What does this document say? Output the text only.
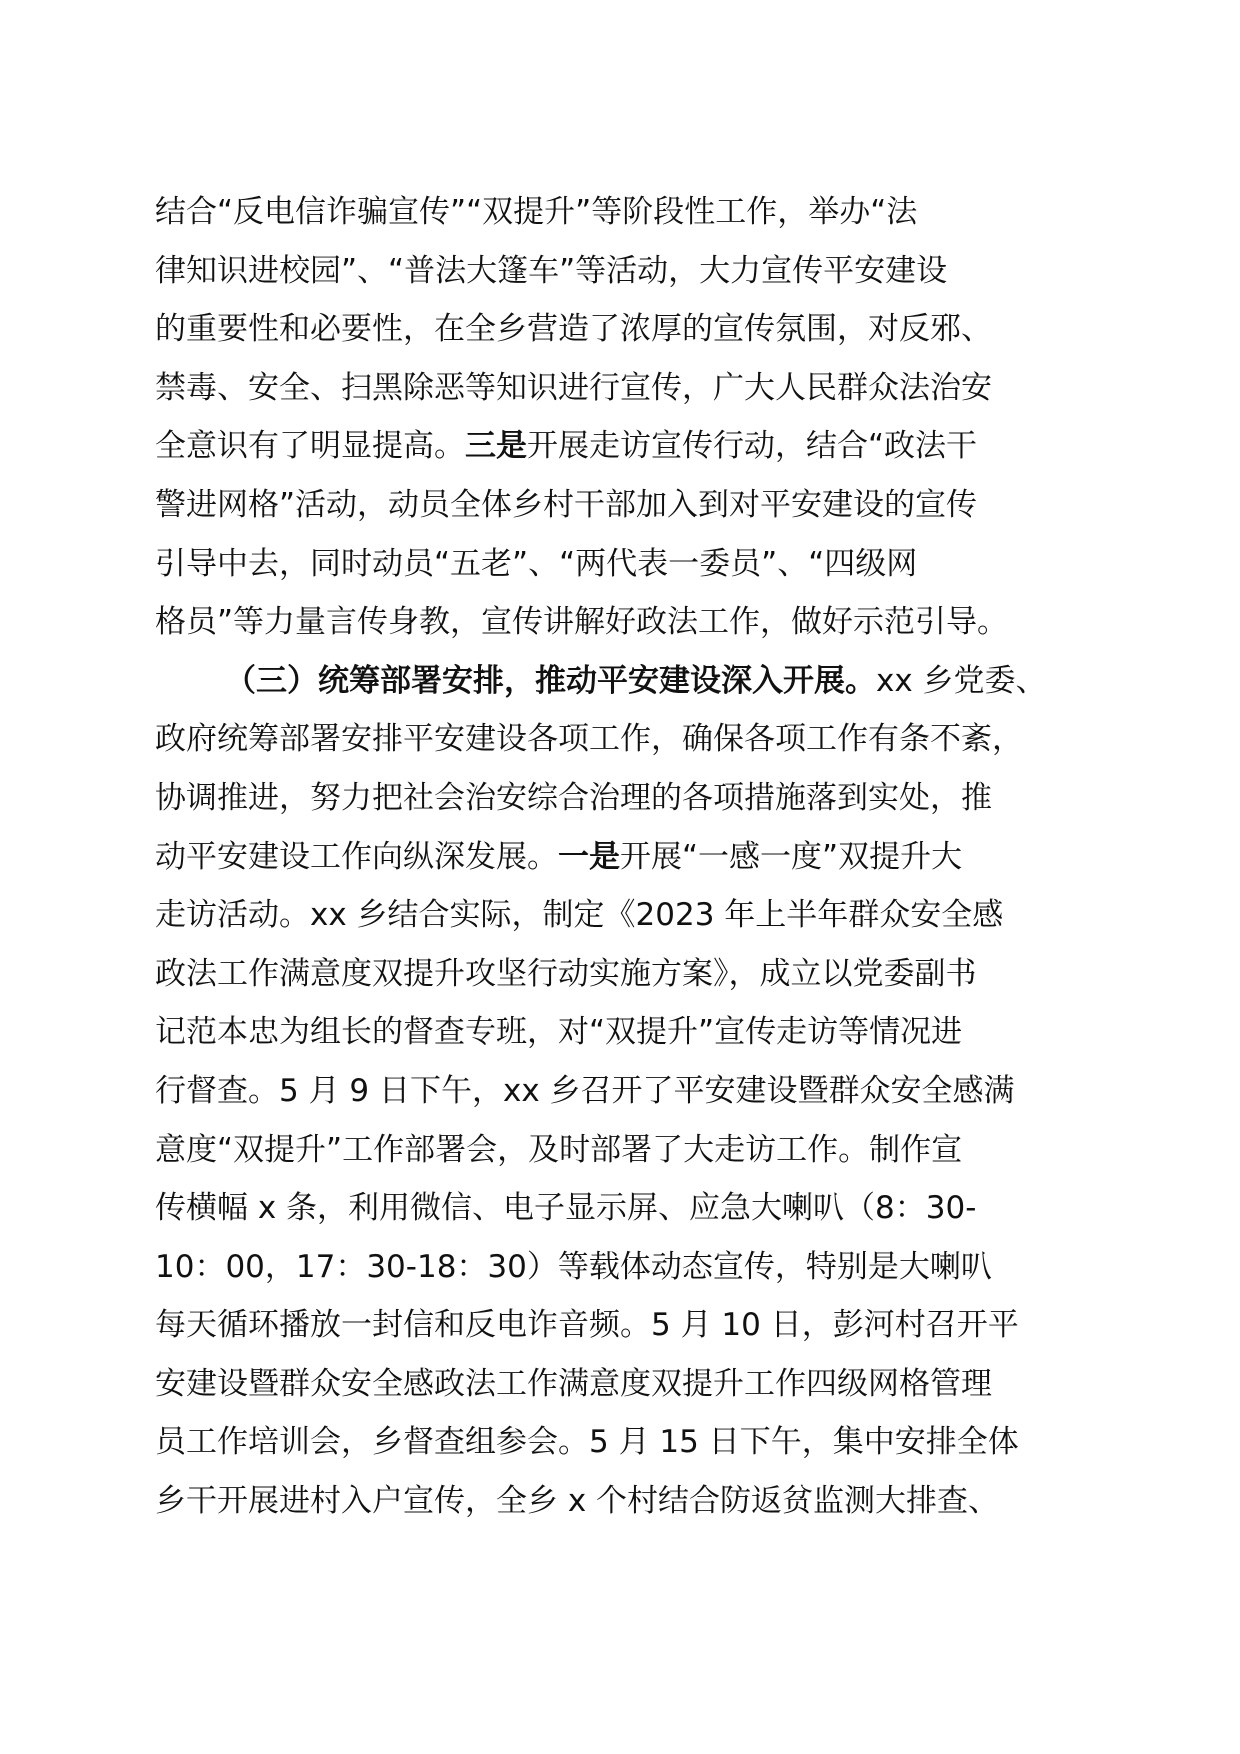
结合“反电信诈骗宣传”“双提升”等阶段性工作，举办“法
律知识进校园”、“普法大篷车”等活动，大力宣传平安建设
的重要性和必要性，在全乡营造了浓厚的宣传氛围，对反邪、
禁毒、安全、扫黑除恶等知识进行宣传，广大人民群众法治安
全意识有了明显提高。三是开展走访宣传行动，结合“政法干
警进网格”活动，动员全体乡村干部加入到对平安建设的宣传
引导中去，同时动员“五老”、“两代表一委员”、“四级网
格员”等力量言传身教，宣传讲解好政法工作，做好示范引导。
（三）统筹部署安排，推动平安建设深入开展。xx 乡党委、
政府统筹部署安排平安建设各项工作，确保各项工作有条不紊，
协调推进，努力把社会治安综合治理的各项措施落到实处，推
动平安建设工作向纵深发展。一是开展“一感一度”双提升大
走访活动。xx 乡结合实际，制定《2023 年上半年群众安全感
政法工作满意度双提升攻坚行动实施方案》，成立以党委副书
记范本忠为组长的督查专班，对“双提升”宣传走访等情况进
行督查。5 月 9 日下午，xx 乡召开了平安建设暨群众安全感满
意度“双提升”工作部署会，及时部署了大走访工作。制作宣
传横幅 x 条，利用微信、电子显示屏、应急大喇叭（8：30-
10：00，17：30-18：30）等载体动态宣传，特别是大喇叭
每天循环播放一封信和反电诈音频。5 月 10 日，彭河村召开平
安建设暨群众安全感政法工作满意度双提升工作四级网格管理
员工作培训会，乡督查组参会。5 月 15 日下午，集中安排全体
乡干开展进村入户宣传，全乡 x 个村结合防返贫监测大排查、
